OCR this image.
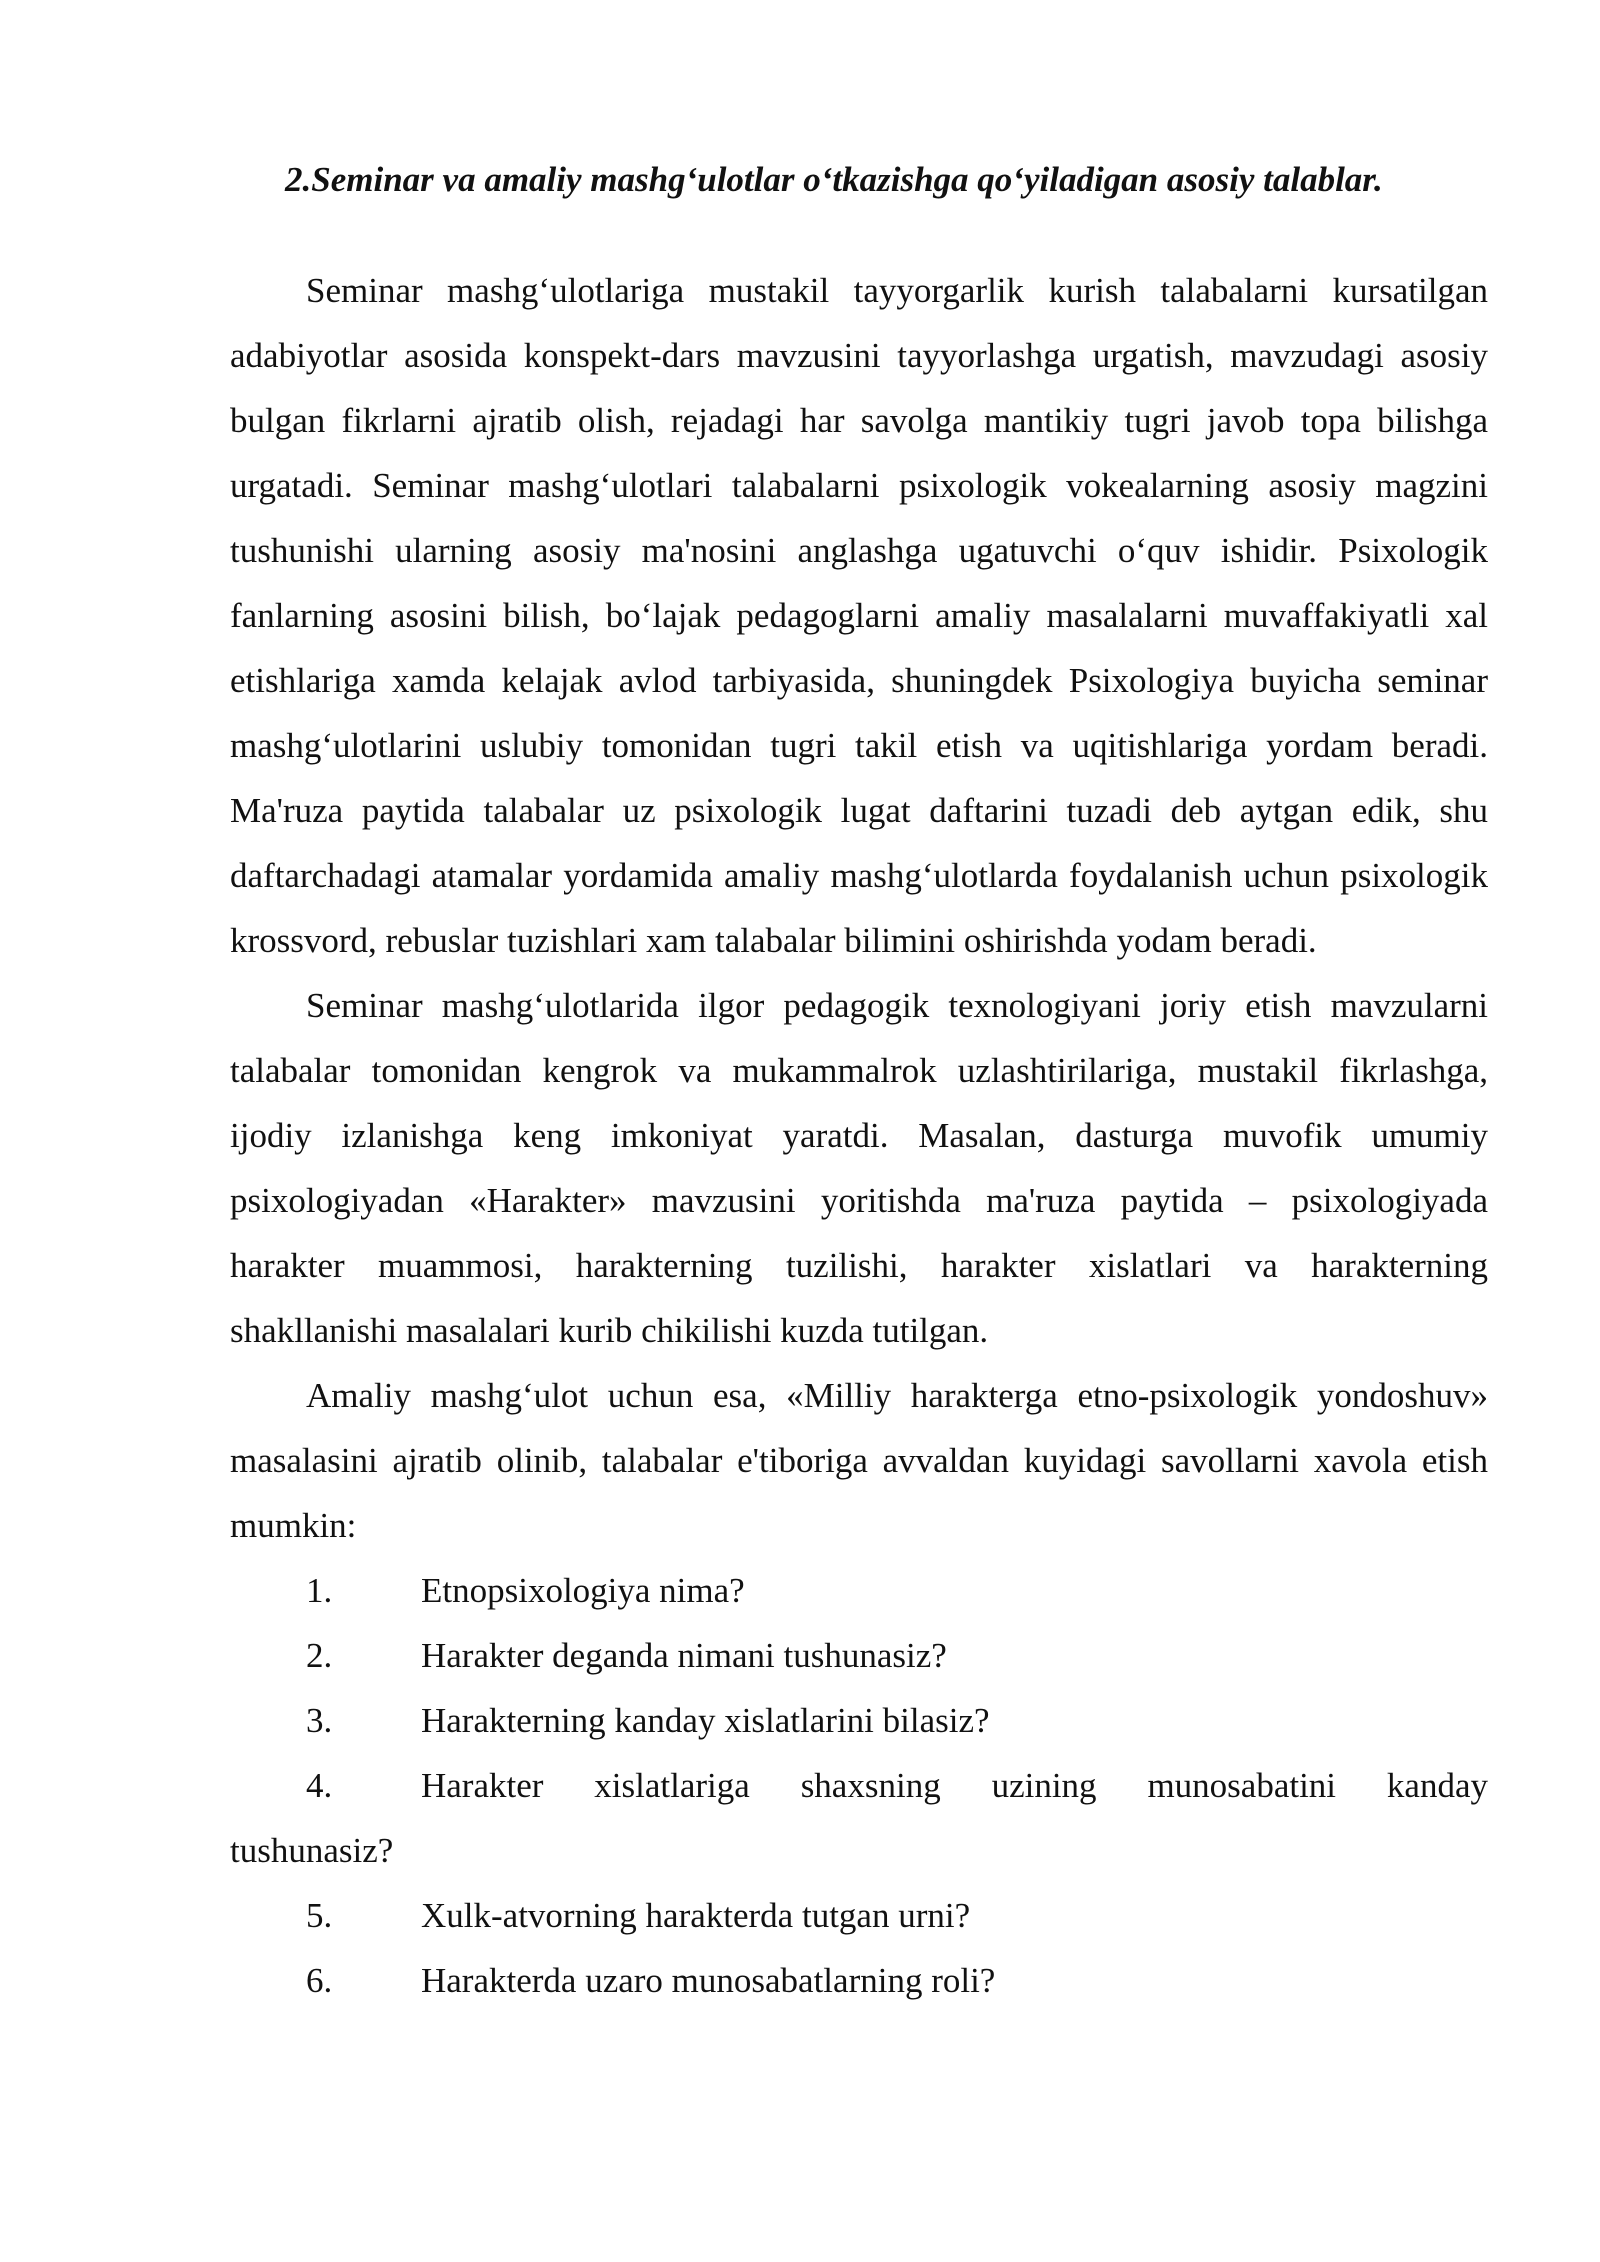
2.Seminar va amaliy mashg‘ulotlar o‘tkazishga qo‘yiladigan asosiy talablar.

Seminar mashg‘ulotlariga mustakil tayyorgarlik kurish talabalarni kursatilgan adabiyotlar asosida konspekt-dars mavzusini tayyorlashga urgatish, mavzudagi asosiy bulgan fikrlarni ajratib olish, rejadagi har savolga mantikiy tugri javob topa bilishga urgatadi. Seminar mashg‘ulotlari talabalarni psixologik vokealarning asosiy magzini tushunishi ularning asosiy ma'nosini anglashga ugatuvchi o‘quv ishidir. Psixologik fanlarning asosini bilish, bo‘lajak pedagoglarni amaliy masalalarni muvaffakiyatli xal etishlariga xamda kelajak avlod tarbiyasida, shuningdek Psixologiya buyicha seminar mashg‘ulotlarini uslubiy tomonidan tugri takil etish va uqitishlariga yordam beradi. Ma'ruza paytida talabalar uz psixologik lugat daftarini tuzadi deb aytgan edik, shu daftarchadagi atamalar yordamida amaliy mashg‘ulotlarda foydalanish uchun psixologik krossvord, rebuslar tuzishlari xam talabalar bilimini oshirishda yodam beradi.

Seminar mashg‘ulotlarida ilgor pedagogik texnologiyani joriy etish mavzularni talabalar tomonidan kengrok va mukammalrok uzlashtirilariga, mustakil fikrlashga, ijodiy izlanishga keng imkoniyat yaratdi. Masalan, dasturga muvofik umumiy psixologiyadan «Harakter» mavzusini yoritishda ma'ruza paytida – psixologiyada harakter muammosi, harakterning tuzilishi, harakter xislatlari va harakterning shakllanishi masalalari kurib chikilishi kuzda tutilgan.

Amaliy mashg‘ulot uchun esa, «Milliy harakterga etno-psixologik yondoshuv» masalasini ajratib olinib, talabalar e'tiboriga avvaldan kuyidagi savollarni xavola etish mumkin:

1.	Etnopsixologiya nima?
2.	Harakter deganda nimani tushunasiz?
3.	Harakterning kanday xislatlarini bilasiz?
4.	Harakter xislatlariga shaxsning uzining munosabatini kanday
tushunasiz?
5.	Xulk-atvorning harakterda tutgan urni?
6.	Harakterda uzaro munosabatlarning roli?
